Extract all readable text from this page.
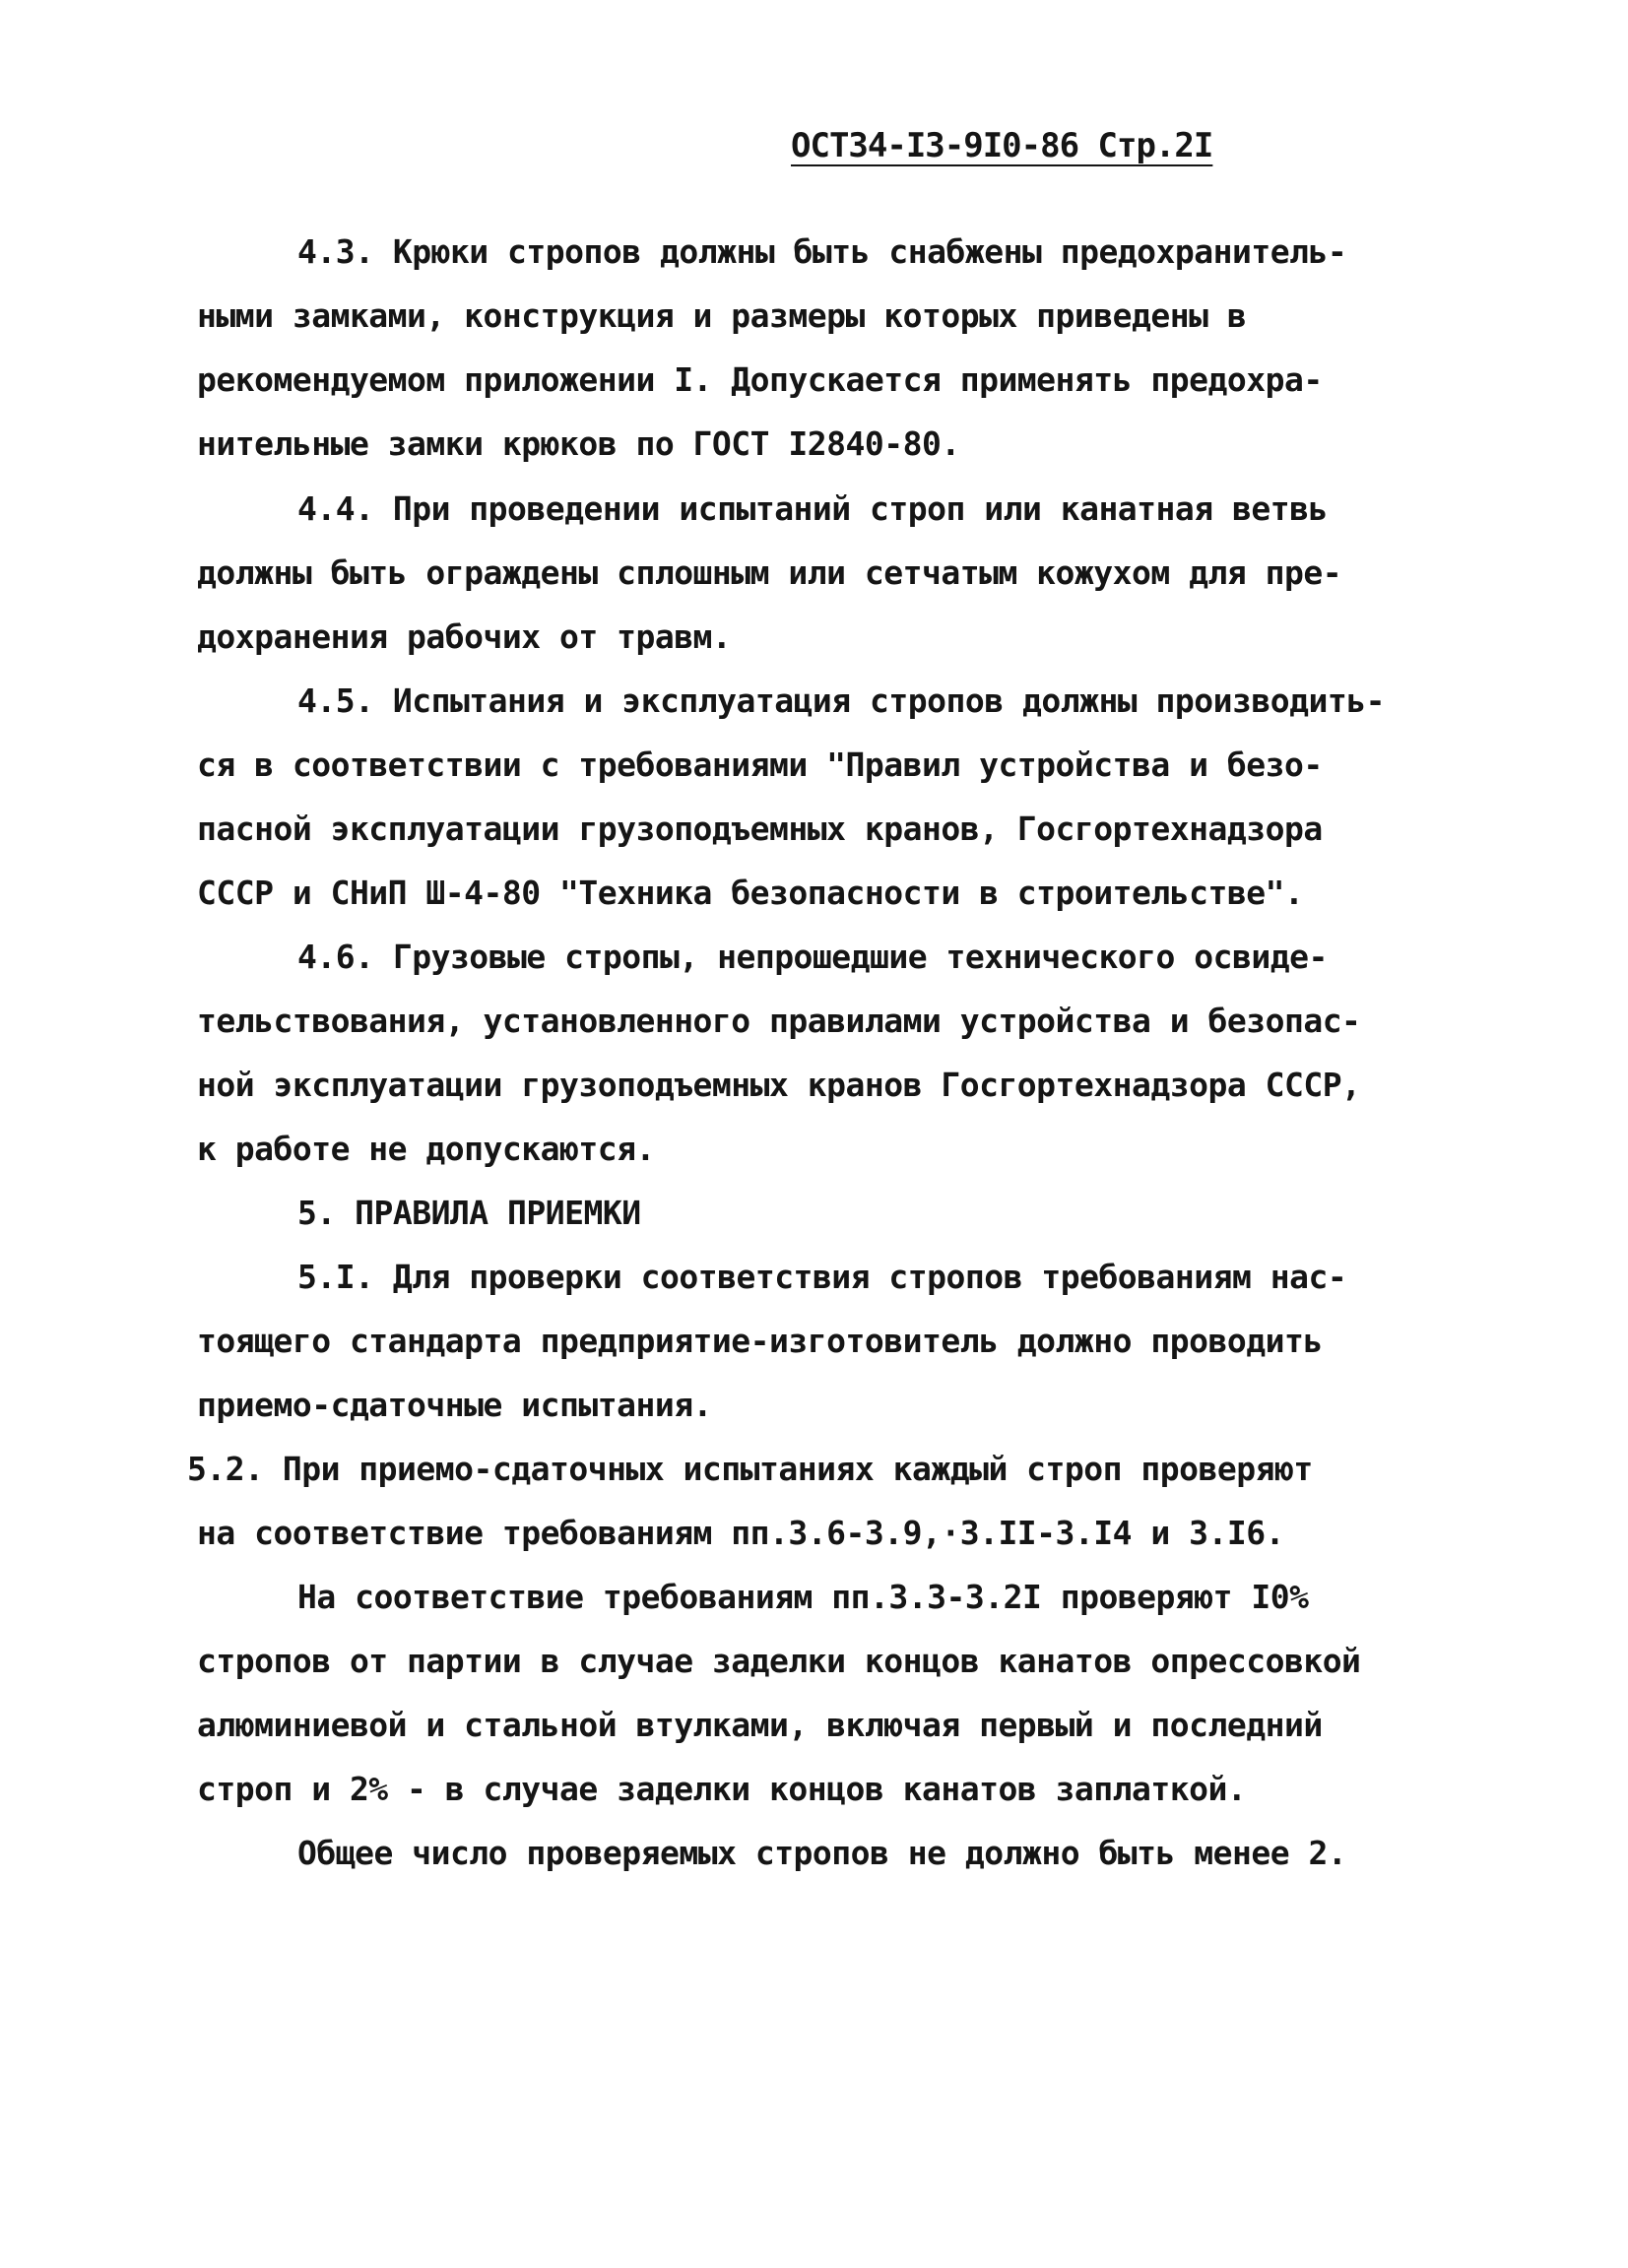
ОСТ34-I3-9I0-86 Стр.2I
4.3. Крюки стропов должны быть снабжены предохранитель-
ными замками, конструкция и размеры которых приведены в
рекомендуемом приложении I. Допускается применять предохра-
нительные замки крюков по ГОСТ I2840-80.
4.4. При проведении испытаний строп или канатная ветвь
должны быть ограждены сплошным или сетчатым кожухом для пре-
дохранения рабочих от травм.
4.5. Испытания и эксплуатация стропов должны производить-
ся в соответствии с требованиями "Правил устройства и безо-
пасной эксплуатации грузоподъемных кранов, Госгортехнадзора
СССР и СНиП Ш-4-80 "Техника безопасности в строительстве".
4.6. Грузовые стропы, непрошедшие технического освиде-
тельствования, установленного правилами устройства и безопас-
ной эксплуатации грузоподъемных кранов Госгортехнадзора СССР,
к работе не допускаются.
5. ПРАВИЛА ПРИЕМКИ
5.I. Для проверки соответствия стропов требованиям нас-
тоящего стандарта предприятие-изготовитель должно проводить
приемо-сдаточные испытания.
5.2. При приемо-сдаточных испытаниях каждый строп проверяют
на соответствие требованиям пп.3.6-3.9,·3.II-3.I4 и 3.I6.
На соответствие требованиям пп.3.3-3.2I проверяют I0%
стропов от партии в случае заделки концов канатов опрессовкой
алюминиевой и стальной втулками, включая первый и последний
строп и 2% - в случае заделки концов канатов заплаткой.
Общее число проверяемых стропов не должно быть менее 2.
